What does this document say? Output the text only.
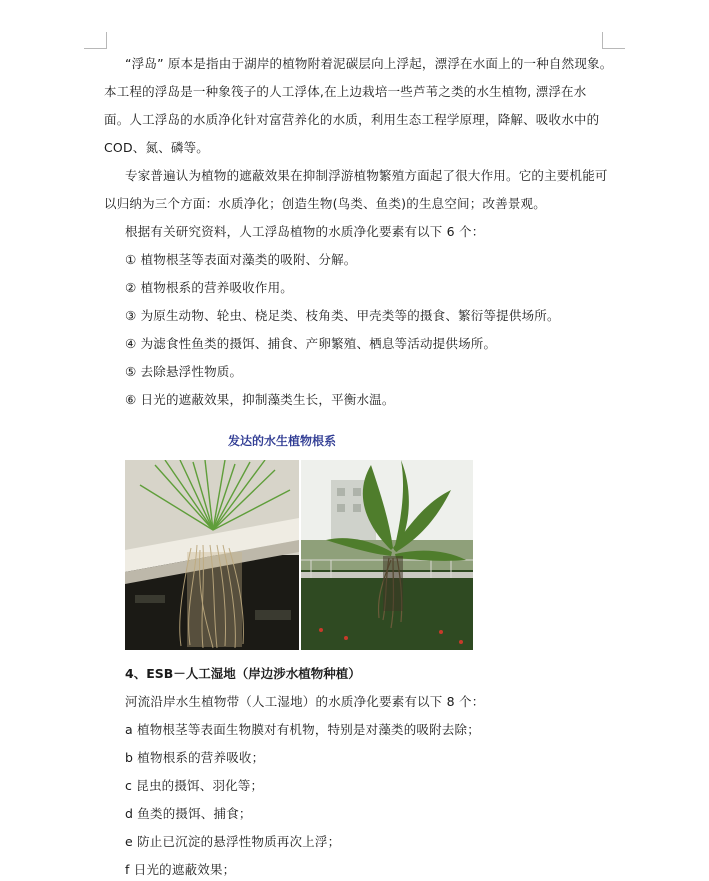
“浮岛” 原本是指由于湖岸的植物附着泥碳层向上浮起，漂浮在水面上的一种自然现象。
本工程的浮岛是一种象筏子的人工浮体,在上边栽培一些芦苇之类的水生植物, 漂浮在水
面。人工浮岛的水质净化针对富营养化的水质，利用生态工程学原理，降解、吸收水中的
COD、氮、磷等。
专家普遍认为植物的遮蔽效果在抑制浮游植物繁殖方面起了很大作用。它的主要机能可
以归纳为三个方面：水质净化；创造生物(鸟类、鱼类)的生息空间；改善景观。
根据有关研究资料，人工浮岛植物的水质净化要素有以下 6 个：
① 植物根茎等表面对藻类的吸附、分解。
② 植物根系的营养吸收作用。
③ 为原生动物、轮虫、桡足类、枝角类、甲壳类等的摄食、繁衍等提供场所。
④ 为滤食性鱼类的摄饵、捕食、产卵繁殖、栖息等活动提供场所。
⑤ 去除悬浮性物质。
⑥ 日光的遮蔽效果，抑制藻类生长，平衡水温。
发达的水生植物根系
4、ESB－人工湿地（岸边涉水植物种植）
河流沿岸水生植物带（人工湿地）的水质净化要素有以下 8 个：
a 植物根茎等表面生物膜对有机物，特别是对藻类的吸附去除；
b 植物根系的营养吸收；
c 昆虫的摄饵、羽化等；
d 鱼类的摄饵、捕食；
e 防止已沉淀的悬浮性物质再次上浮；
f 日光的遮蔽效果；
